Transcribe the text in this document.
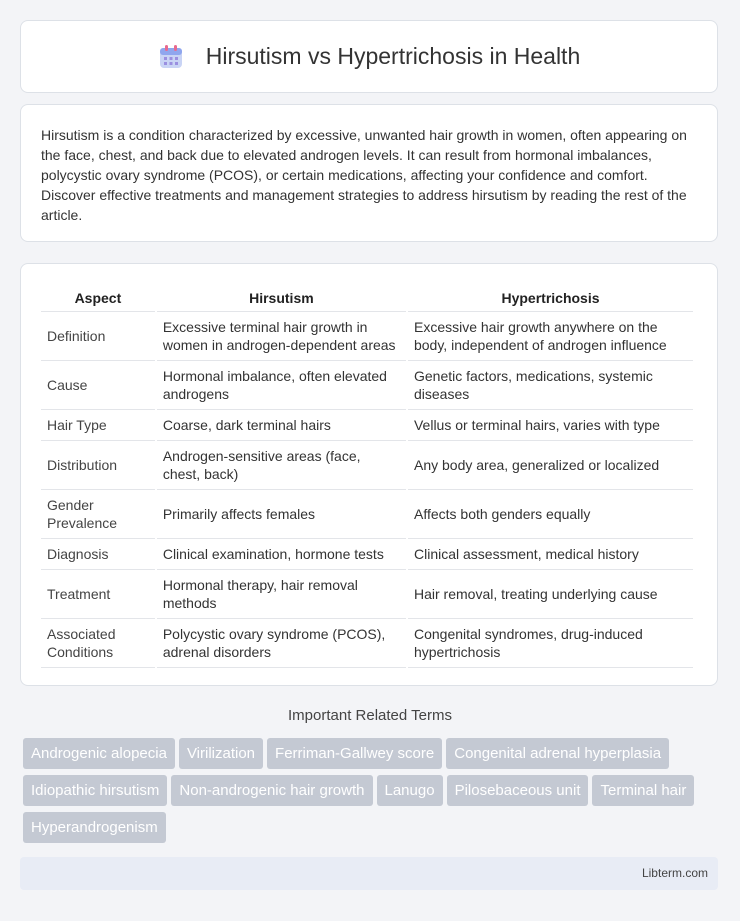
Hirsutism vs Hypertrichosis in Health

Hirsutism is a condition characterized by excessive, unwanted hair growth in women, often appearing on the face, chest, and back due to elevated androgen levels. It can result from hormonal imbalances, polycystic ovary syndrome (PCOS), or certain medications, affecting your confidence and comfort. Discover effective treatments and management strategies to address hirsutism by reading the rest of the article.

Aspect	Hirsutism	Hypertrichosis
Definition	Excessive terminal hair growth in women in androgen-dependent areas	Excessive hair growth anywhere on the body, independent of androgen influence
Cause	Hormonal imbalance, often elevated androgens	Genetic factors, medications, systemic diseases
Hair Type	Coarse, dark terminal hairs	Vellus or terminal hairs, varies with type
Distribution	Androgen-sensitive areas (face, chest, back)	Any body area, generalized or localized
Gender Prevalence	Primarily affects females	Affects both genders equally
Diagnosis	Clinical examination, hormone tests	Clinical assessment, medical history
Treatment	Hormonal therapy, hair removal methods	Hair removal, treating underlying cause
Associated Conditions	Polycystic ovary syndrome (PCOS), adrenal disorders	Congenital syndromes, drug-induced hypertrichosis
Important Related Terms
Androgenic alopecia Virilization Ferriman-Gallwey score Congenital adrenal hyperplasiaIdiopathic hirsutism Non-androgenic hair growth Lanugo Pilosebaceous unit Terminal hairHyperandrogenism
Libterm.com
